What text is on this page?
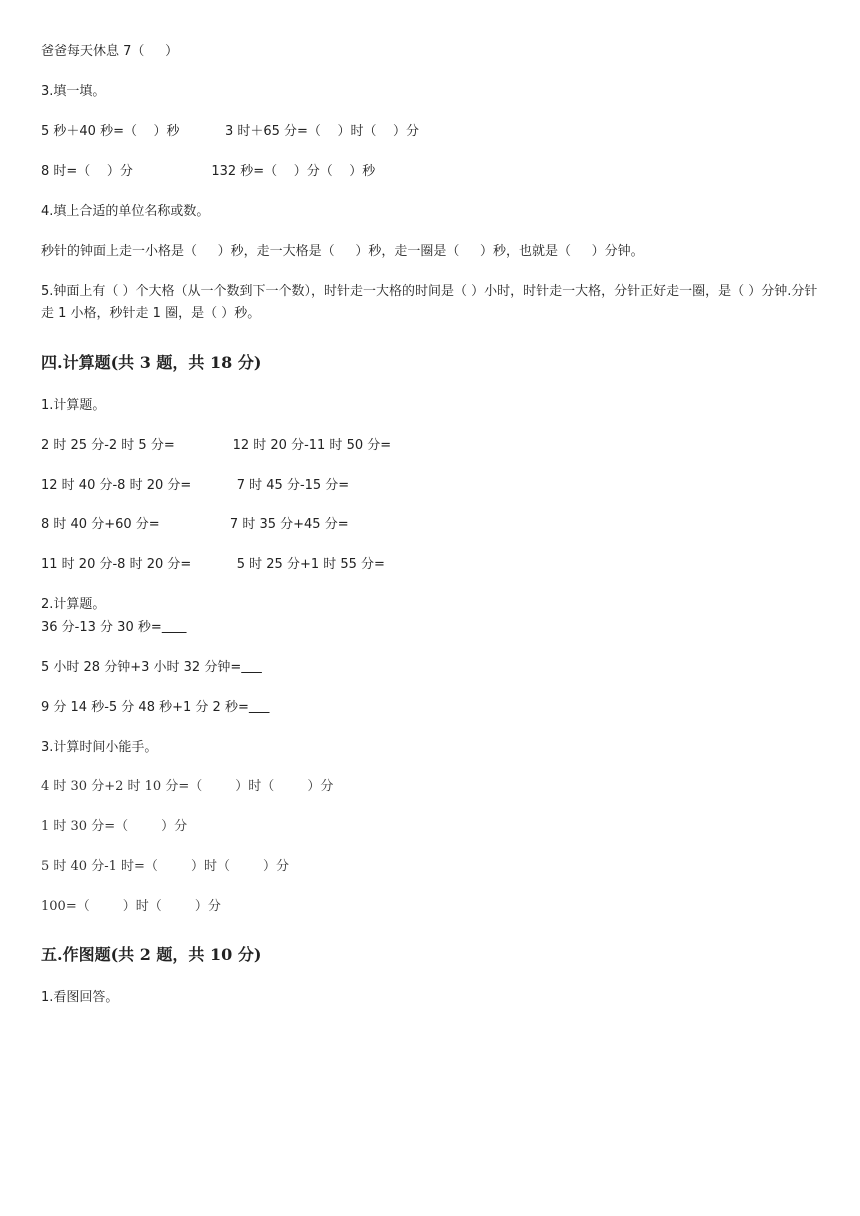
爸爸每天休息 7（     ）

3.填一填。

5 秒＋40 秒=（    ）秒           3 时＋65 分=（    ）时（    ）分

8 时=（    ）分                   132 秒=（    ）分（    ）秒

4.填上合适的单位名称或数。

秒针的钟面上走一小格是（     ）秒，走一大格是（     ）秒，走一圈是（     ）秒，也就是（     ）分钟。

5.钟面上有（ ）个大格（从一个数到下一个数），时针走一大格的时间是（ ）小时，时针走一大格，分针正好走一圈，是（ ）分钟.分针走 1 小格，秒针走 1 圈，是（ ）秒。

四.计算题(共 3 题，共 18 分)

1.计算题。

2 时 25 分-2 时 5 分=              12 时 20 分-11 时 50 分=

12 时 40 分-8 时 20 分=           7 时 45 分-15 分=

8 时 40 分+60 分=                 7 时 35 分+45 分=

11 时 20 分-8 时 20 分=           5 时 25 分+1 时 55 分=

2.计算题。

36 分-13 分 30 秒=

5 小时 28 分钟+3 小时 32 分钟=

9 分 14 秒-5 分 48 秒+1 分 2 秒=

3.计算时间小能手。

4 时 30 分+2 时 10 分=（        ）时（        ）分

1 时 30 分=（        ）分

5 时 40 分-1 时=（        ）时（        ）分

100=（        ）时（        ）分

五.作图题(共 2 题，共 10 分)

1.看图回答。
